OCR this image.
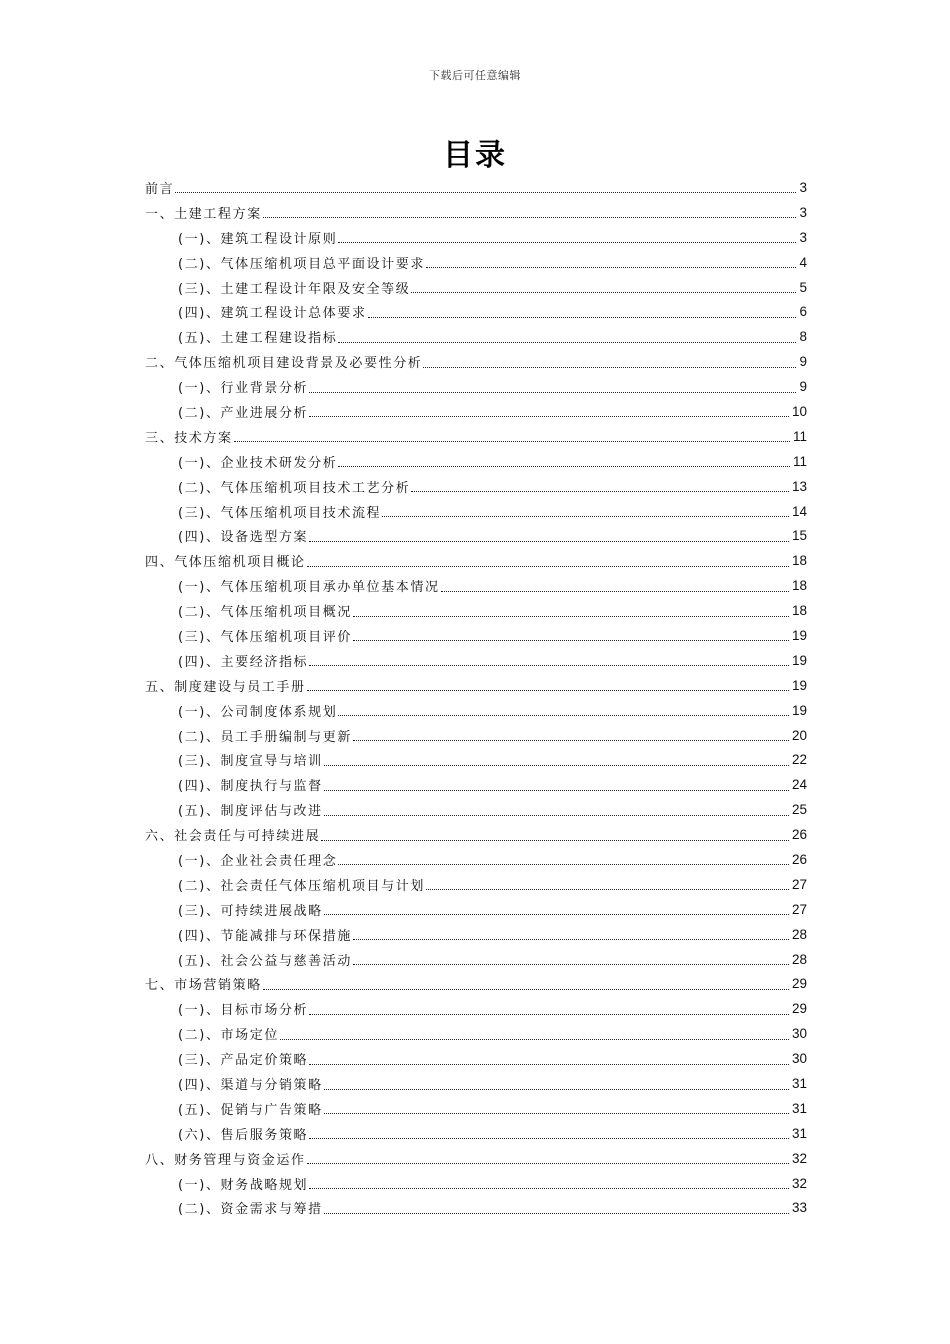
下载后可任意编辑
目录
前言	3
一、土建工程方案	3
(一)、建筑工程设计原则	3
(二)、气体压缩机项目总平面设计要求	4
(三)、土建工程设计年限及安全等级	5
(四)、建筑工程设计总体要求	6
(五)、土建工程建设指标	8
二、气体压缩机项目建设背景及必要性分析	9
(一)、行业背景分析	9
(二)、产业进展分析	10
三、技术方案	11
(一)、企业技术研发分析	11
(二)、气体压缩机项目技术工艺分析	13
(三)、气体压缩机项目技术流程	14
(四)、设备选型方案	15
四、气体压缩机项目概论	18
(一)、气体压缩机项目承办单位基本情况	18
(二)、气体压缩机项目概况	18
(三)、气体压缩机项目评价	19
(四)、主要经济指标	19
五、制度建设与员工手册	19
(一)、公司制度体系规划	19
(二)、员工手册编制与更新	20
(三)、制度宣导与培训	22
(四)、制度执行与监督	24
(五)、制度评估与改进	25
六、社会责任与可持续进展	26
(一)、企业社会责任理念	26
(二)、社会责任气体压缩机项目与计划	27
(三)、可持续进展战略	27
(四)、节能减排与环保措施	28
(五)、社会公益与慈善活动	28
七、市场营销策略	29
(一)、目标市场分析	29
(二)、市场定位	30
(三)、产品定价策略	30
(四)、渠道与分销策略	31
(五)、促销与广告策略	31
(六)、售后服务策略	31
八、财务管理与资金运作	32
(一)、财务战略规划	32
(二)、资金需求与筹措	33
